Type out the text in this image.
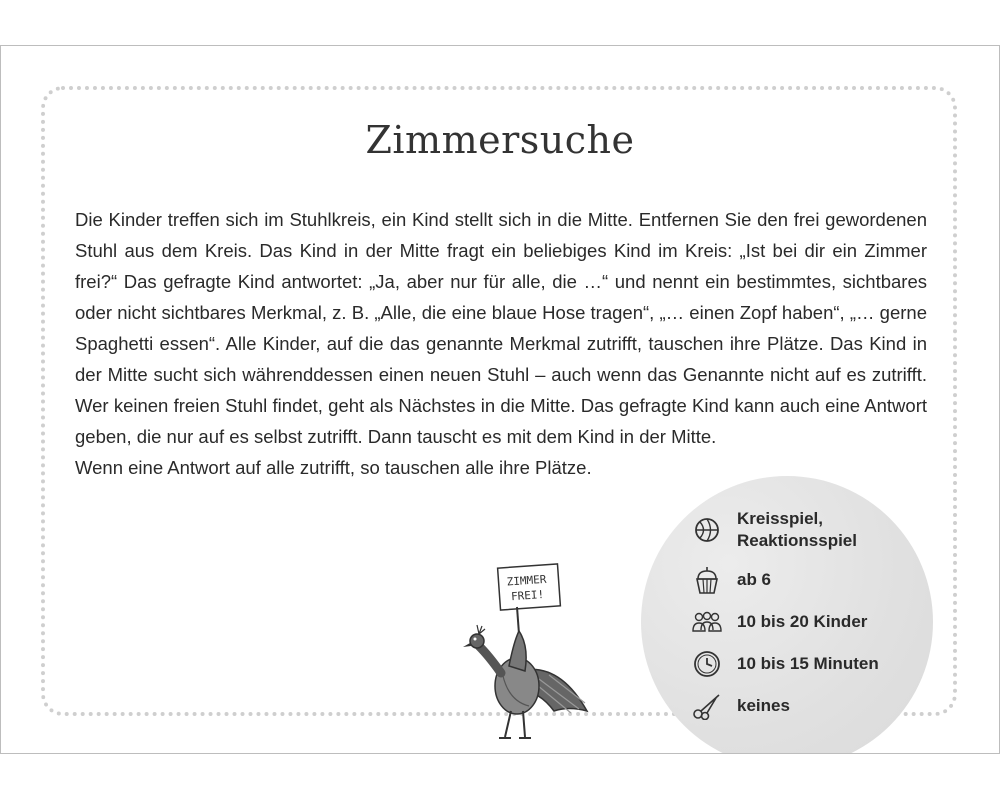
Zimmersuche

Die Kinder treffen sich im Stuhlkreis, ein Kind stellt sich in die Mitte. Entfernen Sie den frei gewordenen Stuhl aus dem Kreis. Das Kind in der Mitte fragt ein beliebiges Kind im Kreis: „Ist bei dir ein Zimmer frei?“ Das gefragte Kind antwortet: „Ja, aber nur für alle, die …“ und nennt ein bestimmtes, sichtbares oder nicht sichtbares Merkmal, z. B. „Alle, die eine blaue Hose tragen“, „… einen Zopf haben“, „… gerne Spaghetti essen“. Alle Kinder, auf die das genannte Merkmal zutrifft, tauschen ihre Plätze. Das Kind in der Mitte sucht sich währenddessen einen neuen Stuhl – auch wenn das Genannte nicht auf es zutrifft. Wer keinen freien Stuhl findet, geht als Nächstes in die Mitte. Das gefragte Kind kann auch eine Antwort geben, die nur auf es selbst zutrifft. Dann tauscht es mit dem Kind in der Mitte.

Wenn eine Antwort auf alle zutrifft, so tauschen alle ihre Plätze.

ZIMMER
FREI!
Kreisspiel,
Reaktionsspiel
ab 6
10 bis 20 Kinder
10 bis 15 Minuten
keines
